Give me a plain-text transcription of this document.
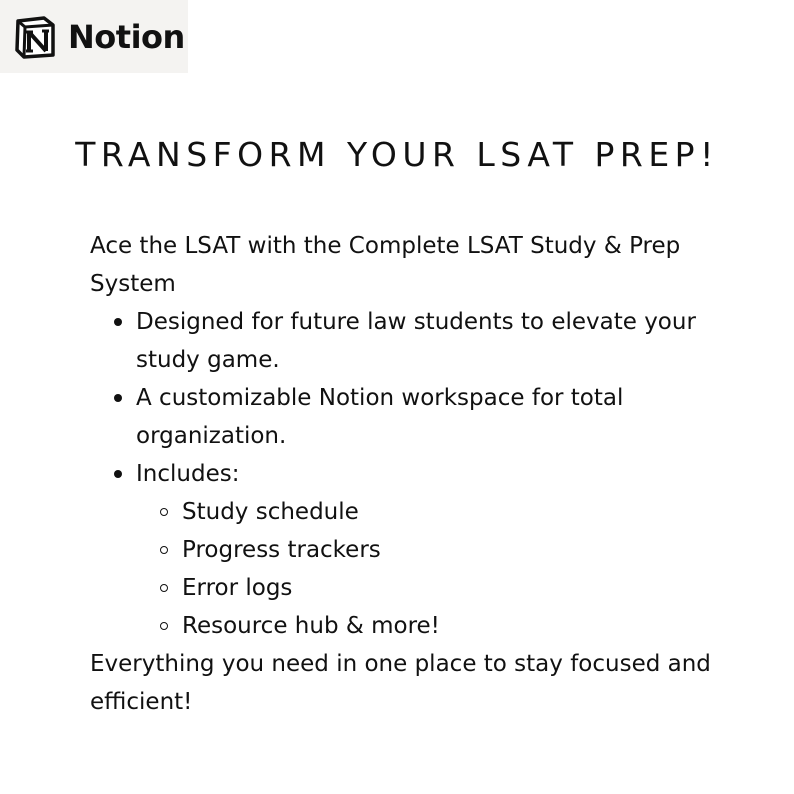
Notion
TRANSFORM YOUR LSAT PREP!

Ace the LSAT with the Complete LSAT Study & Prep System

Designed for future law students to elevate your study game.
A customizable Notion workspace for total organization.
Includes:
Study schedule
Progress trackers
Error logs
Resource hub & more!

Everything you need in one place to stay focused and efficient!
